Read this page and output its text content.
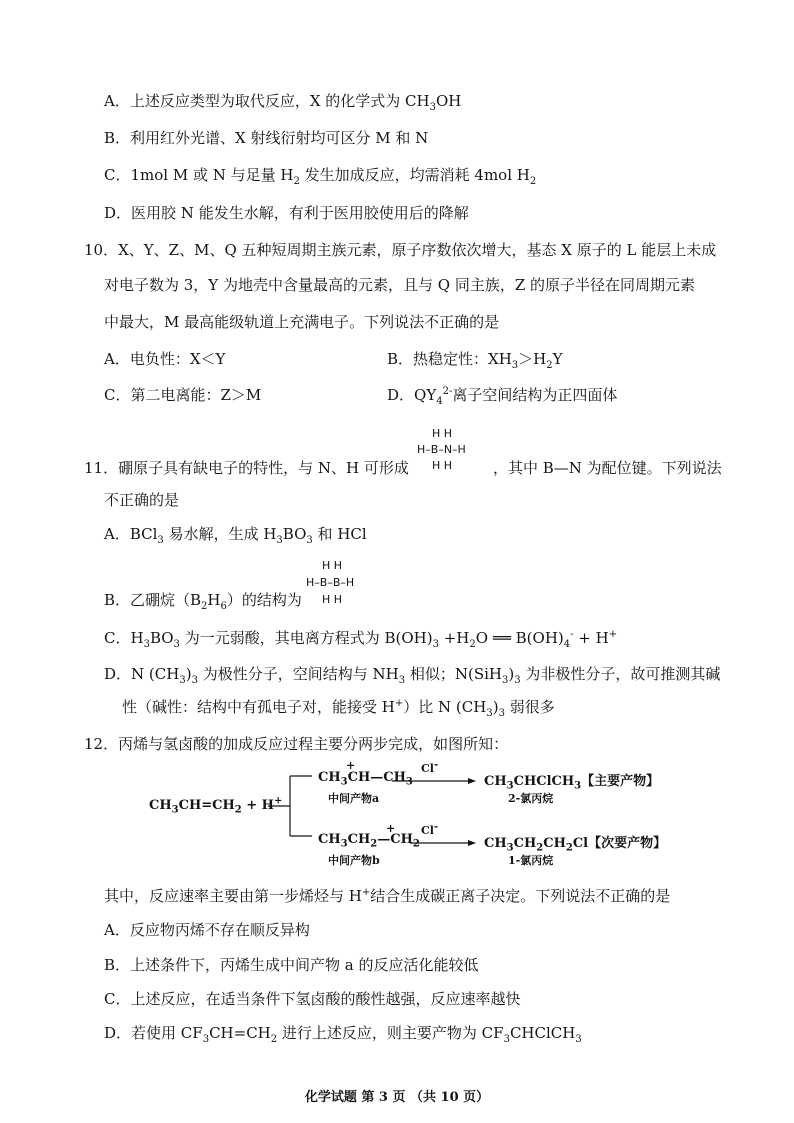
A．上述反应类型为取代反应，X 的化学式为 $CH_3OH$
B．利用红外光谱、X 射线衍射均可区分 M 和 N
C．1mol M 或 N 与足量 $H_2$ 发生加成反应，均需消耗 4mol $H_2$
D．医用胶 N 能发生水解，有利于医用胶使用后的降解
10．X、Y、Z、M、Q 五种短周期主族元素，原子序数依次增大，基态 X 原子的 L 能层上未成
对电子数为 3，Y 为地壳中含量最高的元素，且与 Q 同主族，Z 的原子半径在同周期元素
中最大，M 最高能级轨道上充满电子。下列说法不正确的是
A．电负性：X＜Y	B．热稳定性：$XH_3>H_2Y$
C．第二电离能：Z＞M	D．$QY_4^{2-}$离子空间结构为正四面体
11．硼原子具有缺电子的特性，与 N、H 可形成
H H
H–B–N–H
H H	，其中 B—N 为配位键。下列说法
不正确的是
A．BCl$_3$ 易水解，生成 $H_3BO_3$ 和 HCl
B．乙硼烷$(B_2H_6)$的结构为
H H
H–B–B–H
H H
C．$H_3BO_3$ 为一元弱酸，其电离方程式为 $B(OH)_3 +H_2O$ ══ $B(OH)_4^- + H^+$
D．N $(CH_3)_3$ 为极性分子，空间结构与 $NH_3$ 相似；$N(SiH_3)_3$ 为非极性分子，故可推测其碱
性（碱性：结构中有孤电子对，能接受 H+）比 N $(CH_3)_3$ 弱很多
12．丙烯与氢卤酸的加成反应过程主要分两步完成，如图所知：
$CH_3CH=CH_2 + H^+$
$CH_3CH—CH_3$
+
中间产物a
Cl-
$CH_3CHClCH_3$【主要产物】
2-氯丙烷
$CH_3CH_2—CH_2$
+
中间产物b
Cl-
$CH_3CH_2CH_2Cl$【次要产物】
1-氯丙烷
其中，反应速率主要由第一步烯烃与 H+结合生成碳正离子决定。下列说法不正确的是
A．反应物丙烯不存在顺反异构
B．上述条件下，丙烯生成中间产物 a 的反应活化能较低
C．上述反应，在适当条件下氢卤酸的酸性越强，反应速率越快
D．若使用 $CF_3CH=CH_2$ 进行上述反应，则主要产物为 $CF_3CHClCH_3$
化学试题 第 3 页 （共 10 页）
